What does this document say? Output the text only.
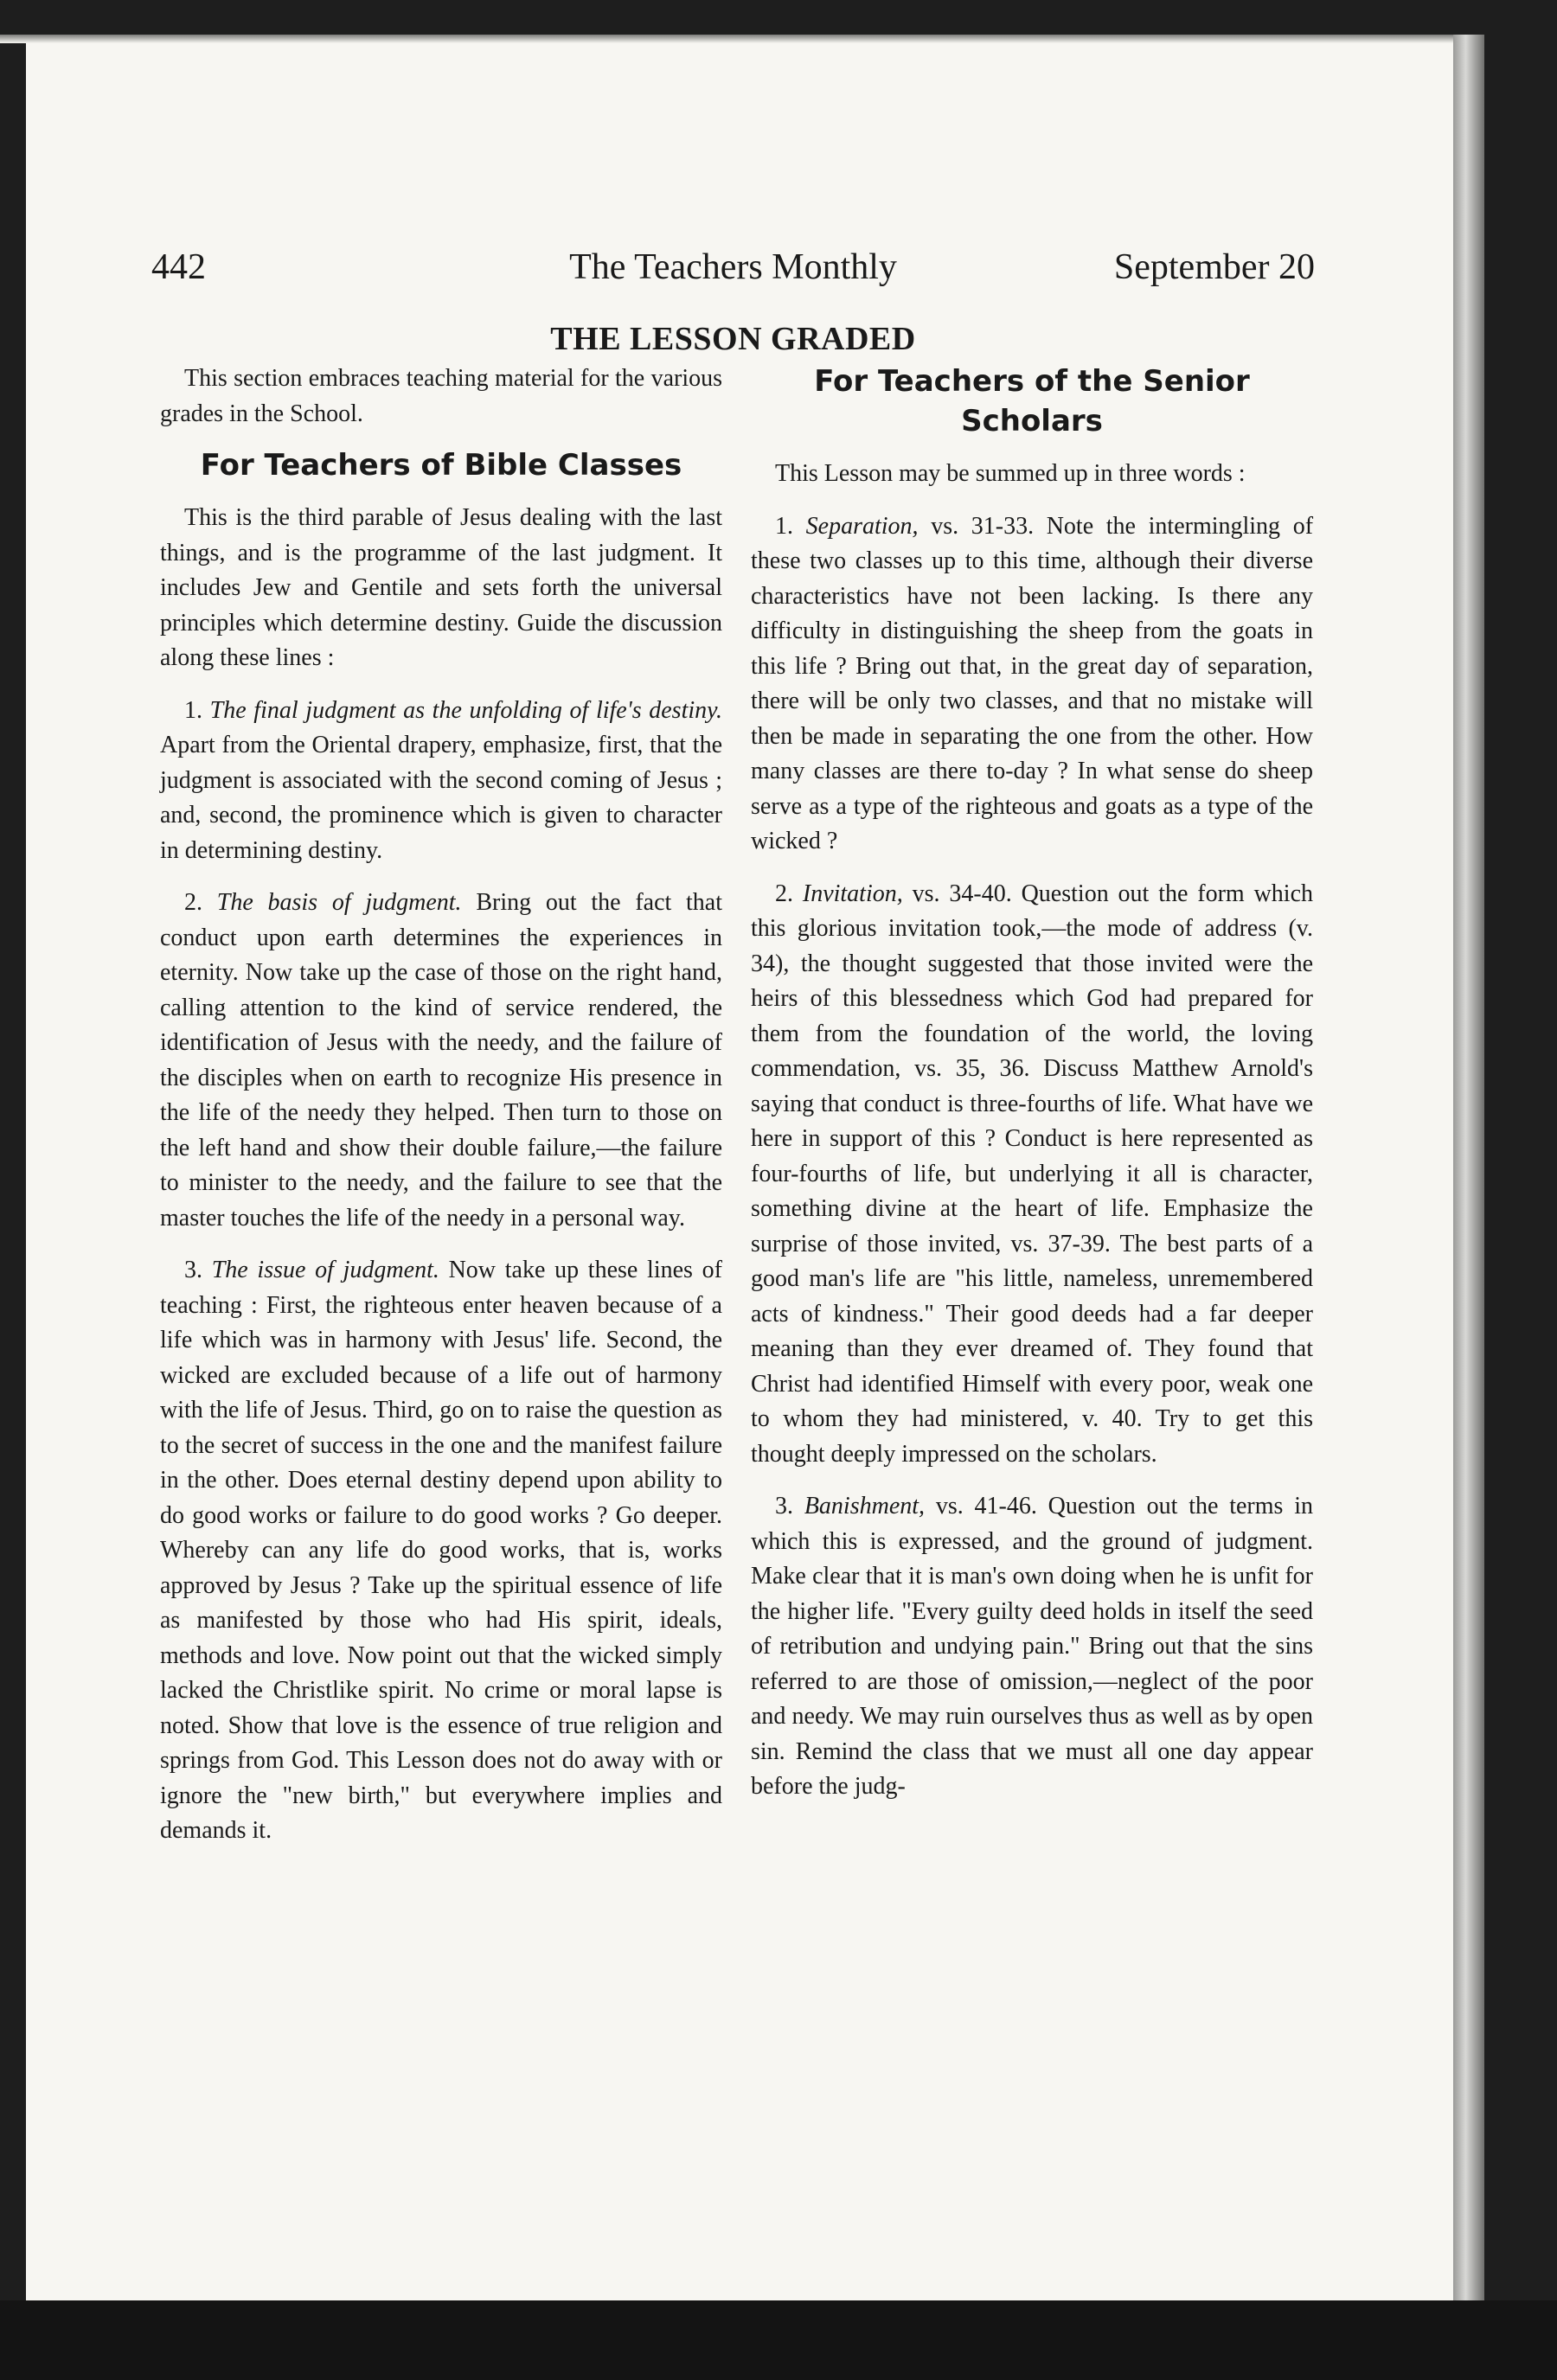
442	The Teachers Monthly	September 20
THE LESSON GRADED

This section embraces teaching material for the various grades in the School.

For Teachers of Bible Classes

This is the third parable of Jesus dealing with the last things, and is the programme of the last judgment. It includes Jew and Gentile and sets forth the universal principles which determine destiny. Guide the discussion along these lines :

1. The final judgment as the unfolding of life's destiny. Apart from the Oriental drapery, emphasize, first, that the judgment is associated with the second coming of Jesus ; and, second, the prominence which is given to character in determining destiny.

2. The basis of judgment. Bring out the fact that conduct upon earth determines the experiences in eternity. Now take up the case of those on the right hand, calling attention to the kind of service rendered, the identification of Jesus with the needy, and the failure of the disciples when on earth to recognize His presence in the life of the needy they helped. Then turn to those on the left hand and show their double failure,—the failure to minister to the needy, and the failure to see that the master touches the life of the needy in a personal way.

3. The issue of judgment. Now take up these lines of teaching : First, the righteous enter heaven because of a life which was in harmony with Jesus' life. Second, the wicked are excluded because of a life out of harmony with the life of Jesus. Third, go on to raise the question as to the secret of success in the one and the manifest failure in the other. Does eternal destiny depend upon ability to do good works or failure to do good works ? Go deeper. Whereby can any life do good works, that is, works approved by Jesus ? Take up the spiritual essence of life as manifested by those who had His spirit, ideals, methods and love. Now point out that the wicked simply lacked the Christlike spirit. No crime or moral lapse is noted. Show that love is the essence of true religion and springs from God. This Lesson does not do away with or ignore the "new birth," but everywhere implies and demands it.

For Teachers of the Senior Scholars

This Lesson may be summed up in three words :

1. Separation, vs. 31-33. Note the intermingling of these two classes up to this time, although their diverse characteristics have not been lacking. Is there any difficulty in distinguishing the sheep from the goats in this life ? Bring out that, in the great day of separation, there will be only two classes, and that no mistake will then be made in separating the one from the other. How many classes are there to-day ? In what sense do sheep serve as a type of the righteous and goats as a type of the wicked ?

2. Invitation, vs. 34-40. Question out the form which this glorious invitation took,—the mode of address (v. 34), the thought suggested that those invited were the heirs of this blessedness which God had prepared for them from the foundation of the world, the loving commendation, vs. 35, 36. Discuss Matthew Arnold's saying that conduct is three-fourths of life. What have we here in support of this ? Conduct is here represented as four-fourths of life, but underlying it all is character, something divine at the heart of life. Emphasize the surprise of those invited, vs. 37-39. The best parts of a good man's life are "his little, nameless, unremembered acts of kindness." Their good deeds had a far deeper meaning than they ever dreamed of. They found that Christ had identified Himself with every poor, weak one to whom they had ministered, v. 40. Try to get this thought deeply impressed on the scholars.

3. Banishment, vs. 41-46. Question out the terms in which this is expressed, and the ground of judgment. Make clear that it is man's own doing when he is unfit for the higher life. "Every guilty deed holds in itself the seed of retribution and undying pain." Bring out that the sins referred to are those of omission,—neglect of the poor and needy. We may ruin ourselves thus as well as by open sin. Remind the class that we must all one day appear before the judg-
